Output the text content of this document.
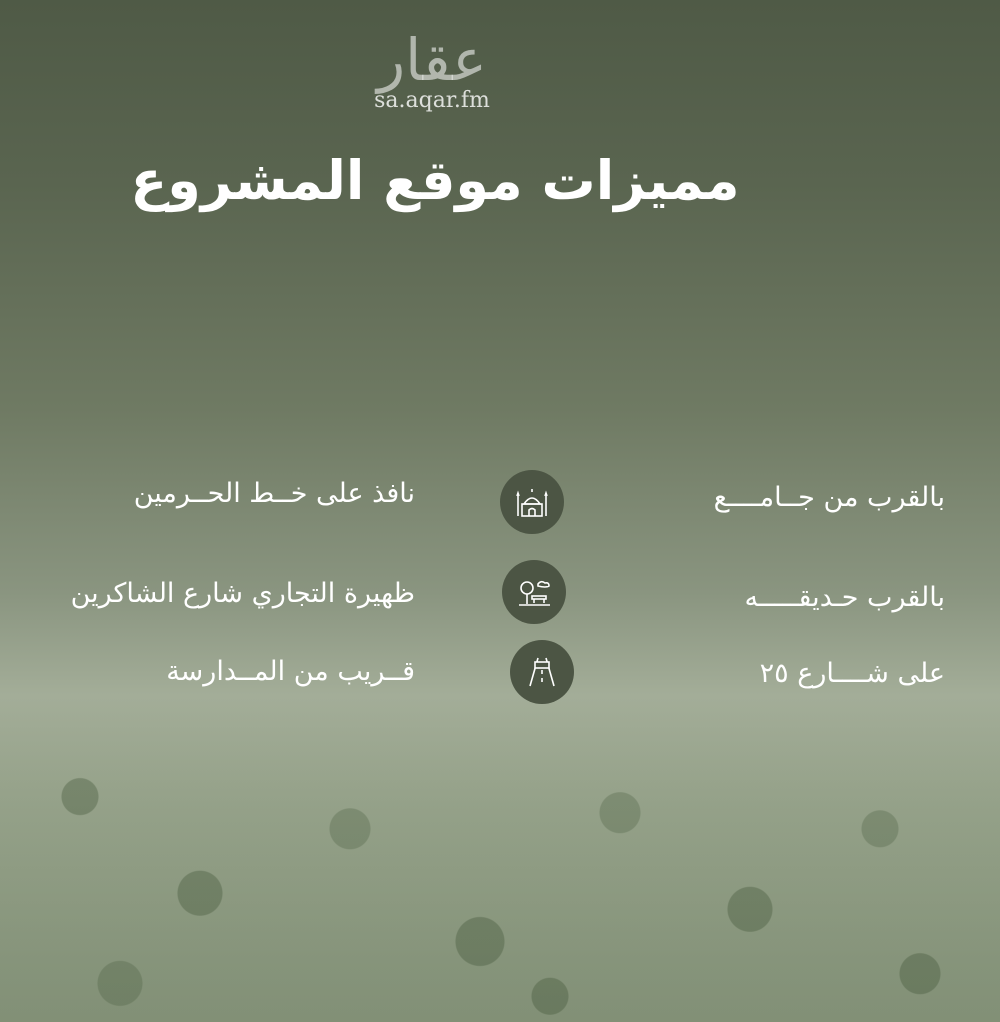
عقار
sa.aqar.fm
مميزات موقع المشروع
بالقرب من جــامــــع
بالقرب حـديقـــــه
على شــــارع ٢٥
نافذ على خــط الحــرمين
ظهيرة التجاري شارع الشاكرين
قــريب من المــدارسة
